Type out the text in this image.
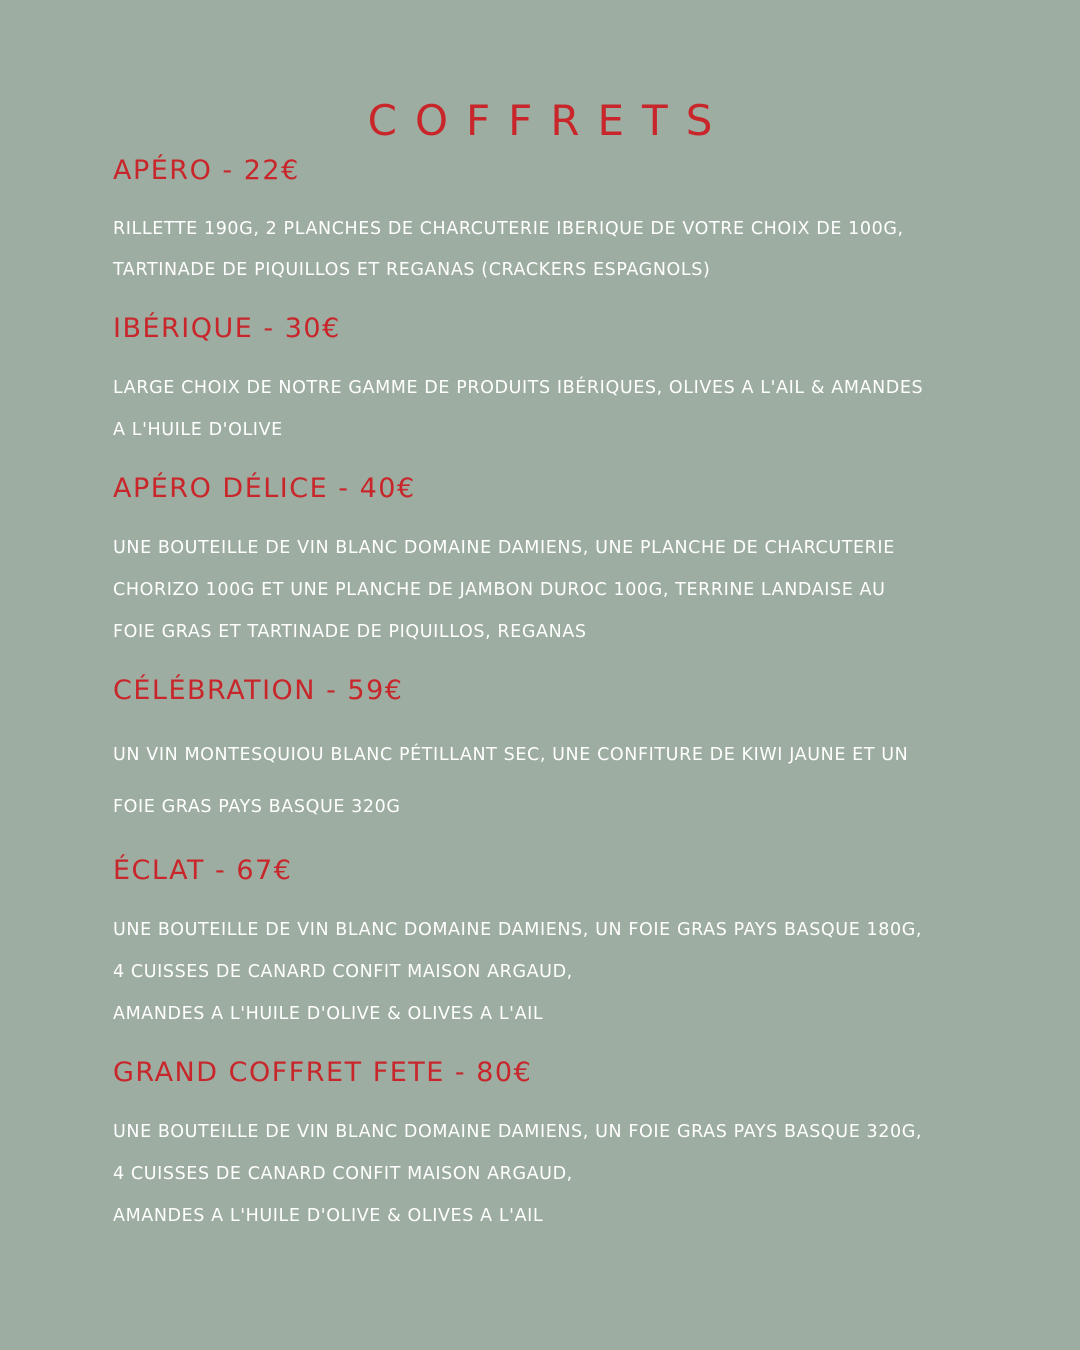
COFFRETS
APÉRO - 22€
RILLETTE 190G, 2 PLANCHES DE CHARCUTERIE IBERIQUE DE VOTRE CHOIX DE 100G,
TARTINADE DE PIQUILLOS ET REGANAS (CRACKERS ESPAGNOLS)
IBÉRIQUE - 30€
LARGE CHOIX DE NOTRE GAMME DE PRODUITS IBÉRIQUES, OLIVES A L'AIL & AMANDES
A L'HUILE D'OLIVE
APÉRO DÉLICE - 40€
UNE BOUTEILLE DE VIN BLANC DOMAINE DAMIENS, UNE PLANCHE DE CHARCUTERIE
CHORIZO 100G ET UNE PLANCHE DE JAMBON DUROC 100G, TERRINE LANDAISE AU
FOIE GRAS ET TARTINADE DE PIQUILLOS, REGANAS
CÉLÉBRATION - 59€
UN VIN MONTESQUIOU BLANC PÉTILLANT SEC, UNE CONFITURE DE KIWI JAUNE ET UN
FOIE GRAS PAYS BASQUE 320G
ÉCLAT - 67€
UNE BOUTEILLE DE VIN BLANC DOMAINE DAMIENS, UN FOIE GRAS PAYS BASQUE 180G,
4 CUISSES DE CANARD CONFIT MAISON ARGAUD,
AMANDES A L'HUILE D'OLIVE & OLIVES A L'AIL
GRAND COFFRET FETE - 80€
UNE BOUTEILLE DE VIN BLANC DOMAINE DAMIENS, UN FOIE GRAS PAYS BASQUE 320G,
4 CUISSES DE CANARD CONFIT MAISON ARGAUD,
AMANDES A L'HUILE D'OLIVE & OLIVES A L'AIL
